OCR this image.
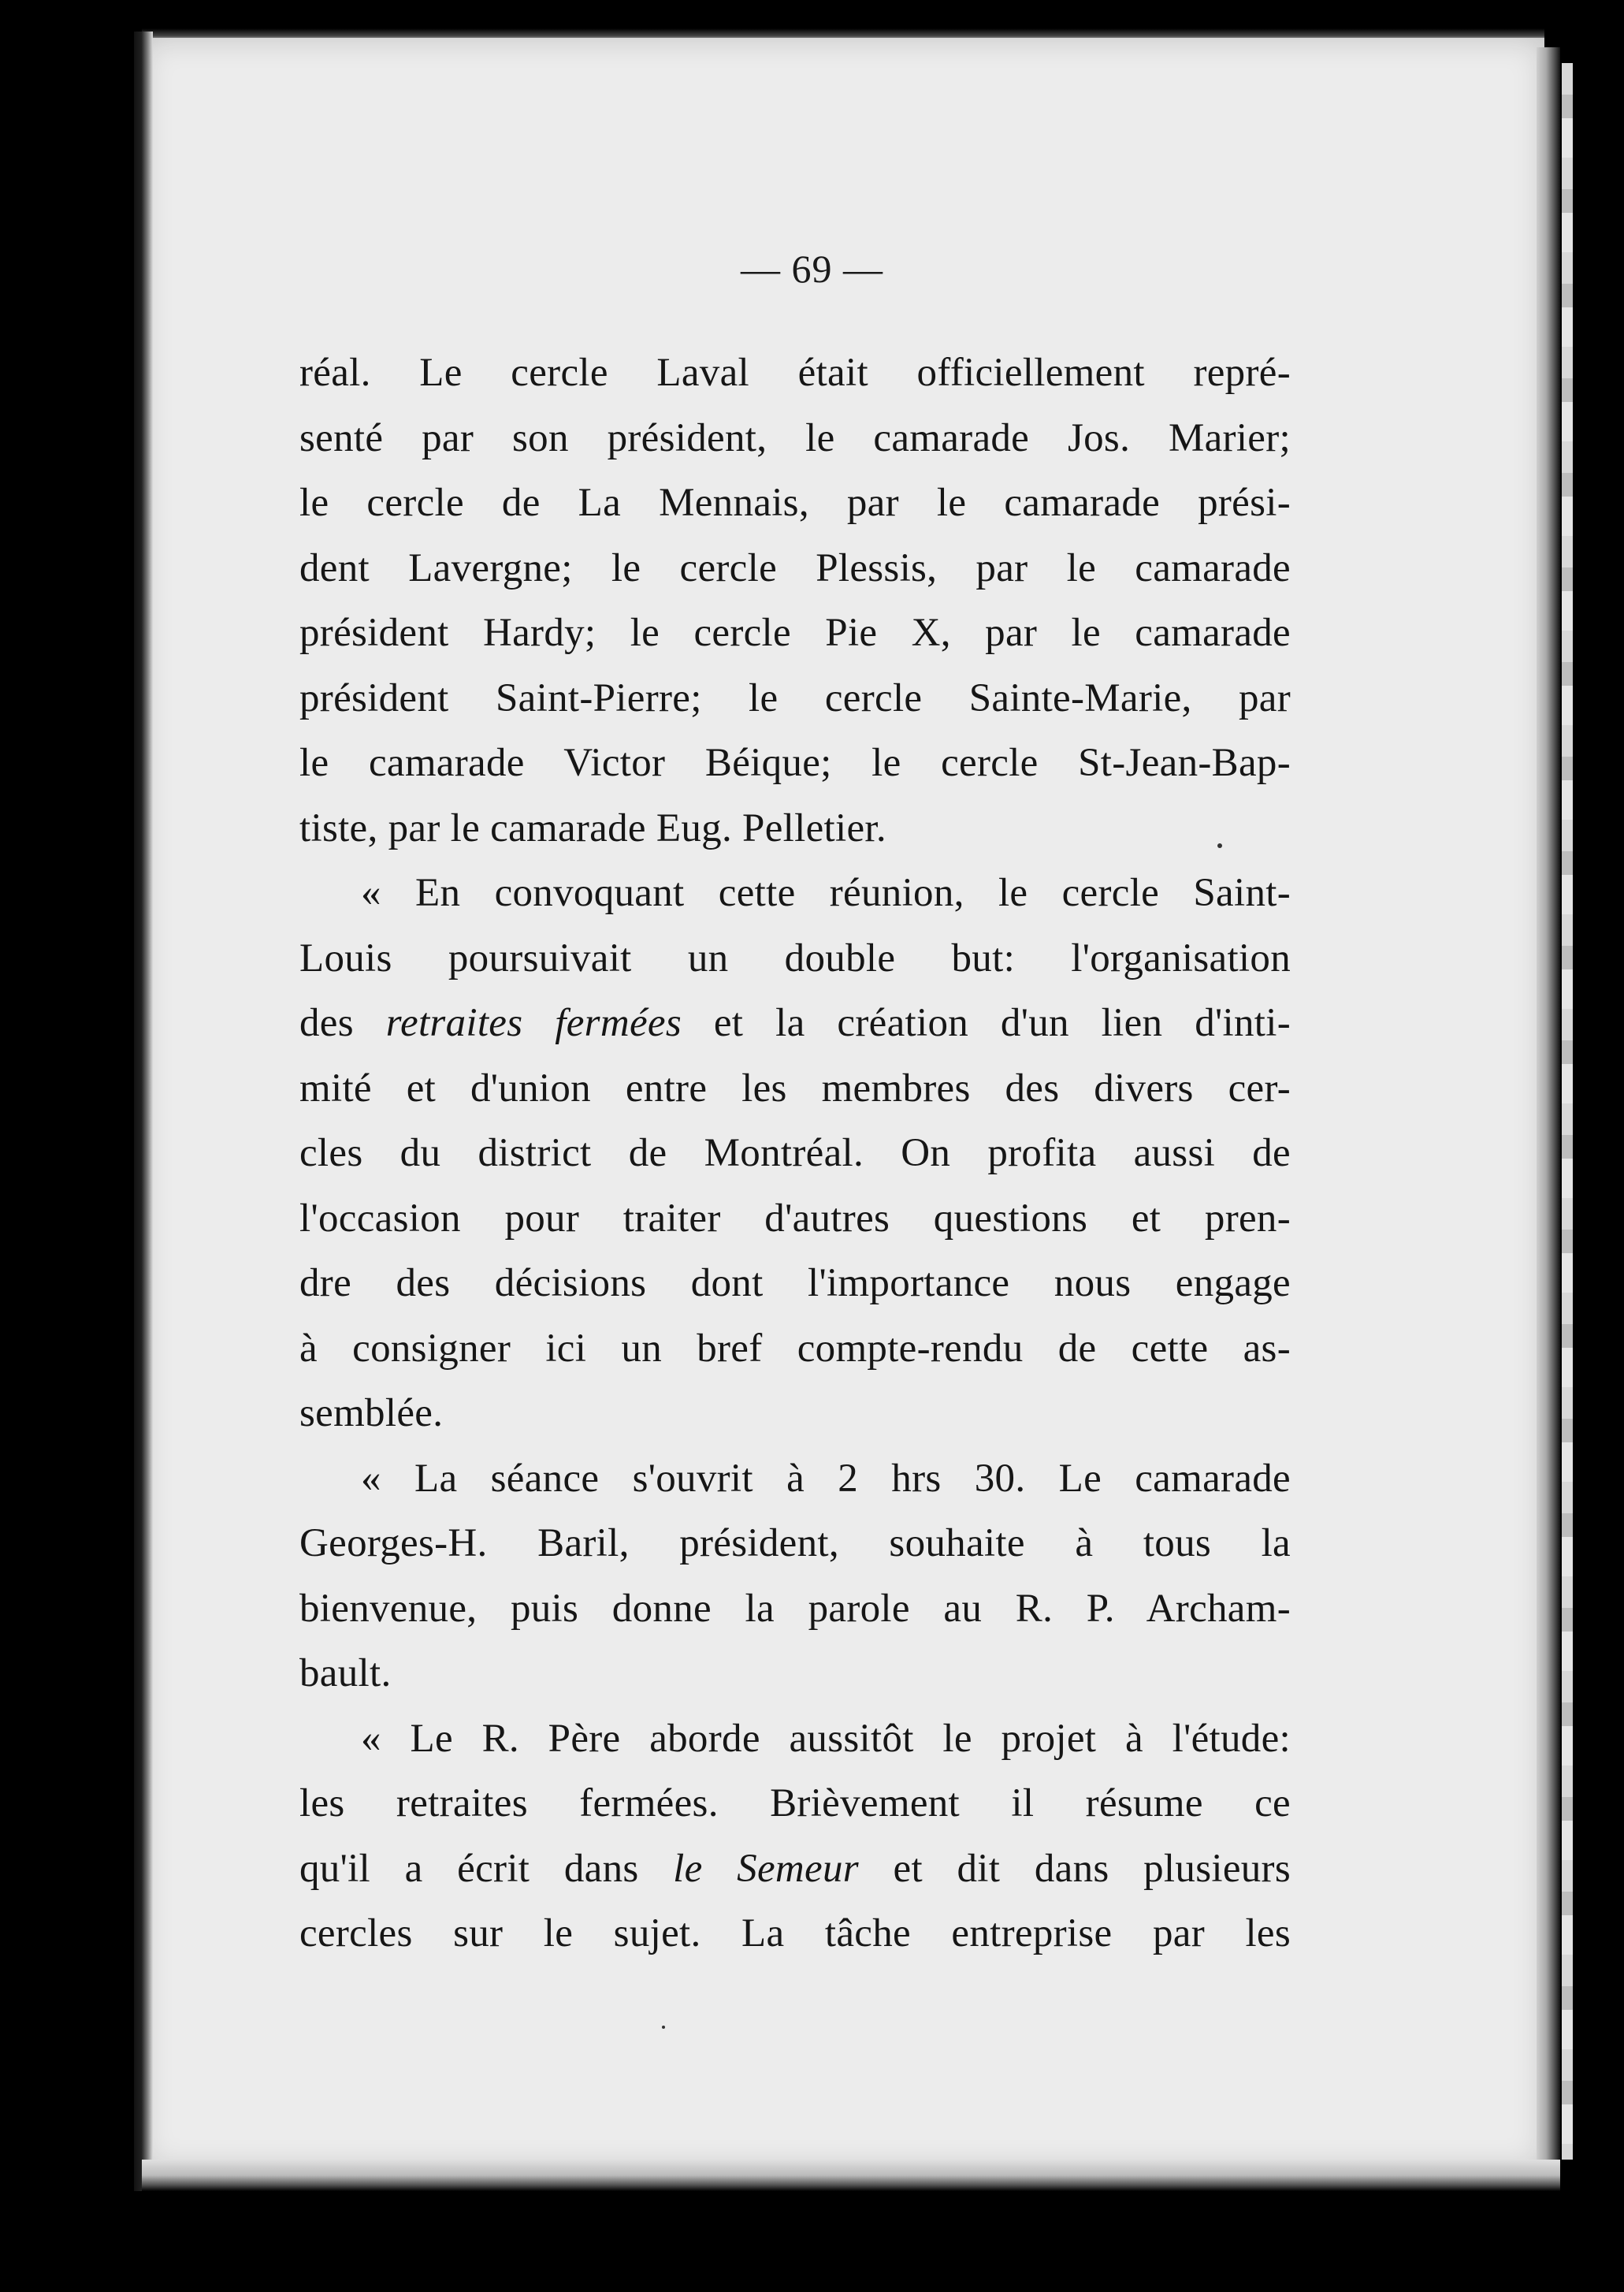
— 69 —
réal. Le cercle Laval était officiellement repré-
senté par son président, le camarade Jos. Marier;
le cercle de La Mennais, par le camarade prési-
dent Lavergne; le cercle Plessis, par le camarade
président Hardy; le cercle Pie X, par le camarade
président Saint-Pierre; le cercle Sainte-Marie, par
le camarade Victor Béique; le cercle St-Jean-Bap-
tiste, par le camarade Eug. Pelletier.
« En convoquant cette réunion, le cercle Saint-
Louis poursuivait un double but: l'organisation
des retraites fermées et la création d'un lien d'inti-
mité et d'union entre les membres des divers cer-
cles du district de Montréal. On profita aussi de
l'occasion pour traiter d'autres questions et pren-
dre des décisions dont l'importance nous engage
à consigner ici un bref compte-rendu de cette as-
semblée.
« La séance s'ouvrit à 2 hrs 30. Le camarade
Georges-H. Baril, président, souhaite à tous la
bienvenue, puis donne la parole au R. P. Archam-
bault.
« Le R. Père aborde aussitôt le projet à l'étude:
les retraites fermées. Brièvement il résume ce
qu'il a écrit dans le Semeur et dit dans plusieurs
cercles sur le sujet. La tâche entreprise par les
